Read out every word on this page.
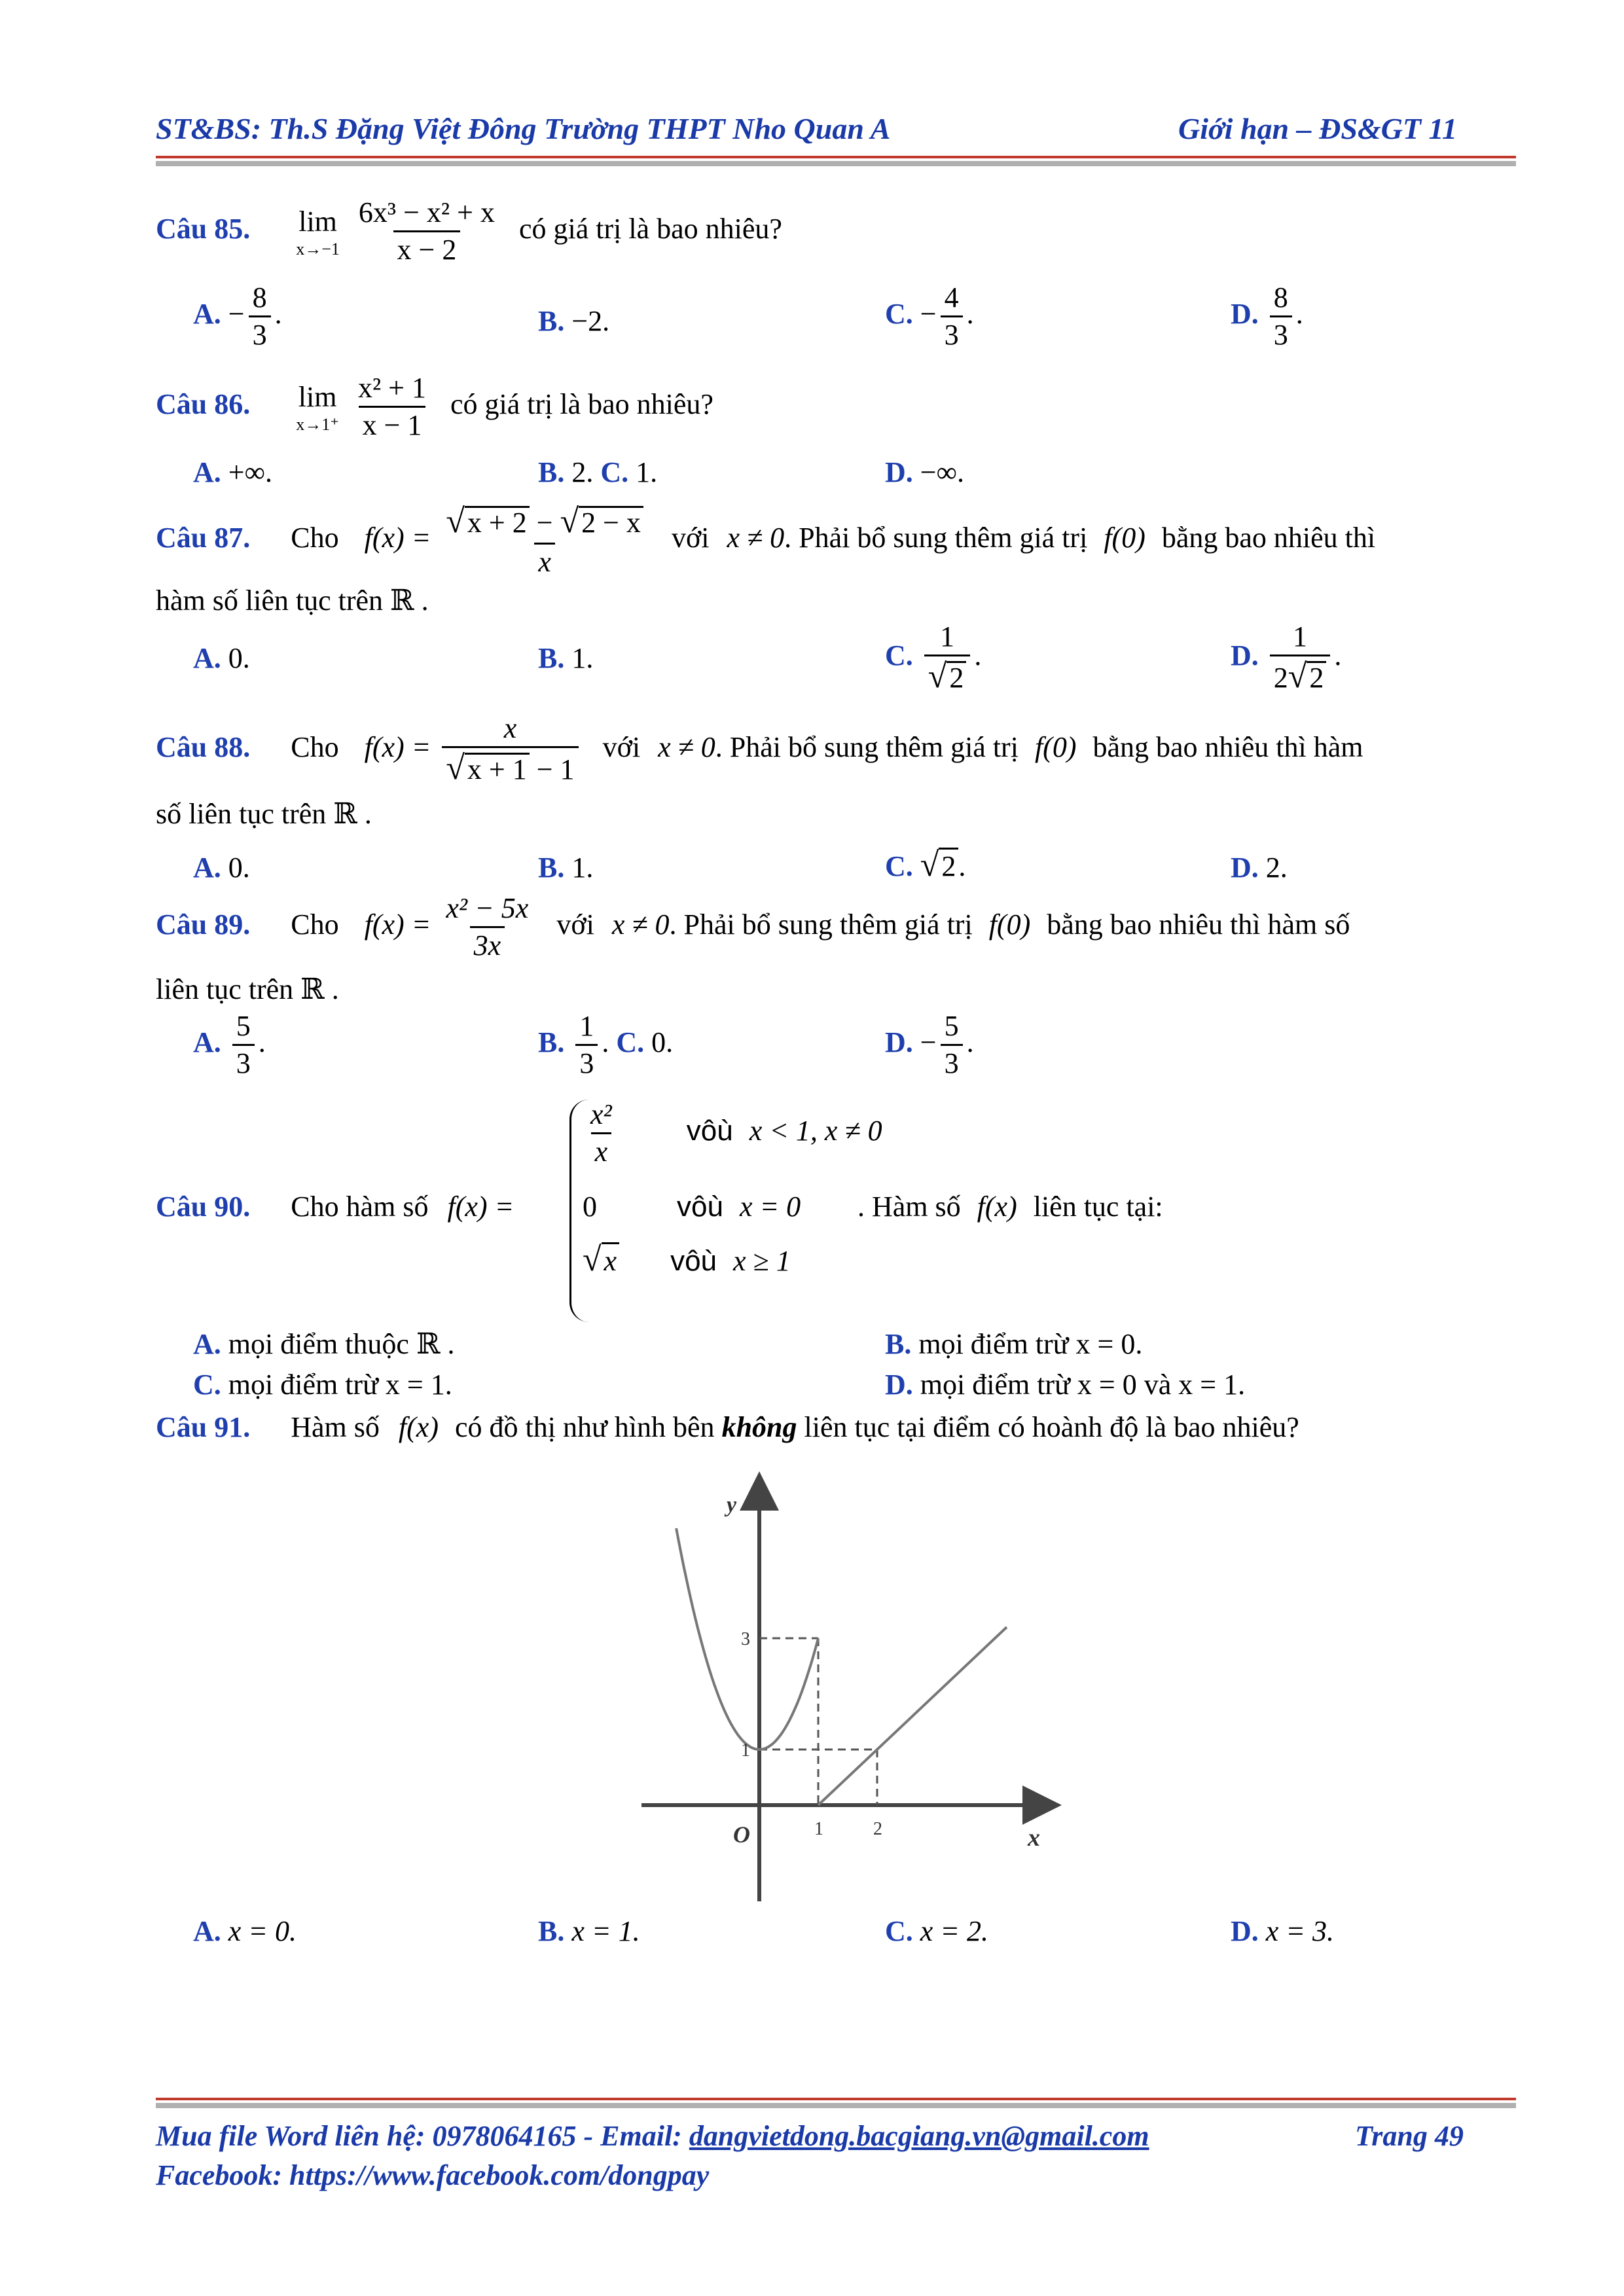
ST&BS: Th.S Đặng Việt Đông Trường THPT Nho Quan A	Giới hạn – ĐS&GT 11
Câu 85. lim
x→−1
$\frac{\text{6x³ − x² + x}}{x - 2}$ có giá trị là bao nhiêu?
A. − $\frac{8}{3}$ .	B. −2.	C. − $\frac{4}{3}$ .	D. $\frac{8}{3}$ .
Câu 86. lim
x→1⁺
$\frac{\text{x² + 1}}{x - 1}$ có giá trị là bao nhiêu?
A. +∞.	B. 2. C. 1.	D. −∞.
Câu 87. Cho $f(x) = \frac{√x + 2 - √2 - x}{x}$ với x ≠ 0. Phải bổ sung thêm giá trị f(0) bằng bao nhiêu thì
hàm số liên tục trên ℝ .
A. 0.	B. 1.	C. $\frac{1}{√2}$ .	D. $\frac{1}{2√2}$ .
Câu 88. Cho $f(x) = \frac{x}{√x + 1 - 1}$ với x ≠ 0. Phải bổ sung thêm giá trị f(0) bằng bao nhiêu thì hàm
số liên tục trên ℝ .
A. 0.	B. 1.	C. √2.	D. 2.
Câu 89. Cho $f(x) = \frac{\text{x² − 5x}}{3x}$ với x ≠ 0. Phải bổ sung thêm giá trị f(0) bằng bao nhiêu thì hàm số
liên tục trên ℝ .
A. $\frac{5}{3}$ .	B. $\frac{1}{3}$ . C. 0.	D. − $\frac{5}{3}$ .
Câu 90. Cho hàm số f(x) =
$\frac{\text{x²}}{x}$ vôù x < 1, x ≠ 0
0	vôù x = 0
√x vôù x ≥ 1
. Hàm số f(x) liên tục tại:
A. mọi điểm thuộc ℝ .	B. mọi điểm trừ x = 0.
C. mọi điểm trừ x = 1.	D. mọi điểm trừ x = 0 và x = 1.
Câu 91. Hàm số f(x) có đồ thị như hình bên không liên tục tại điểm có hoành độ là bao nhiêu?
1	2
1
3
y
x
O
A. x = 0.	B. x = 1.	C. x = 2.	D. x = 3.
Mua file Word liên hệ: 0978064165 - Email: dangvietdong.bacgiang.vn@gmail.com	Trang 49
Facebook: https://www.facebook.com/dongpay
